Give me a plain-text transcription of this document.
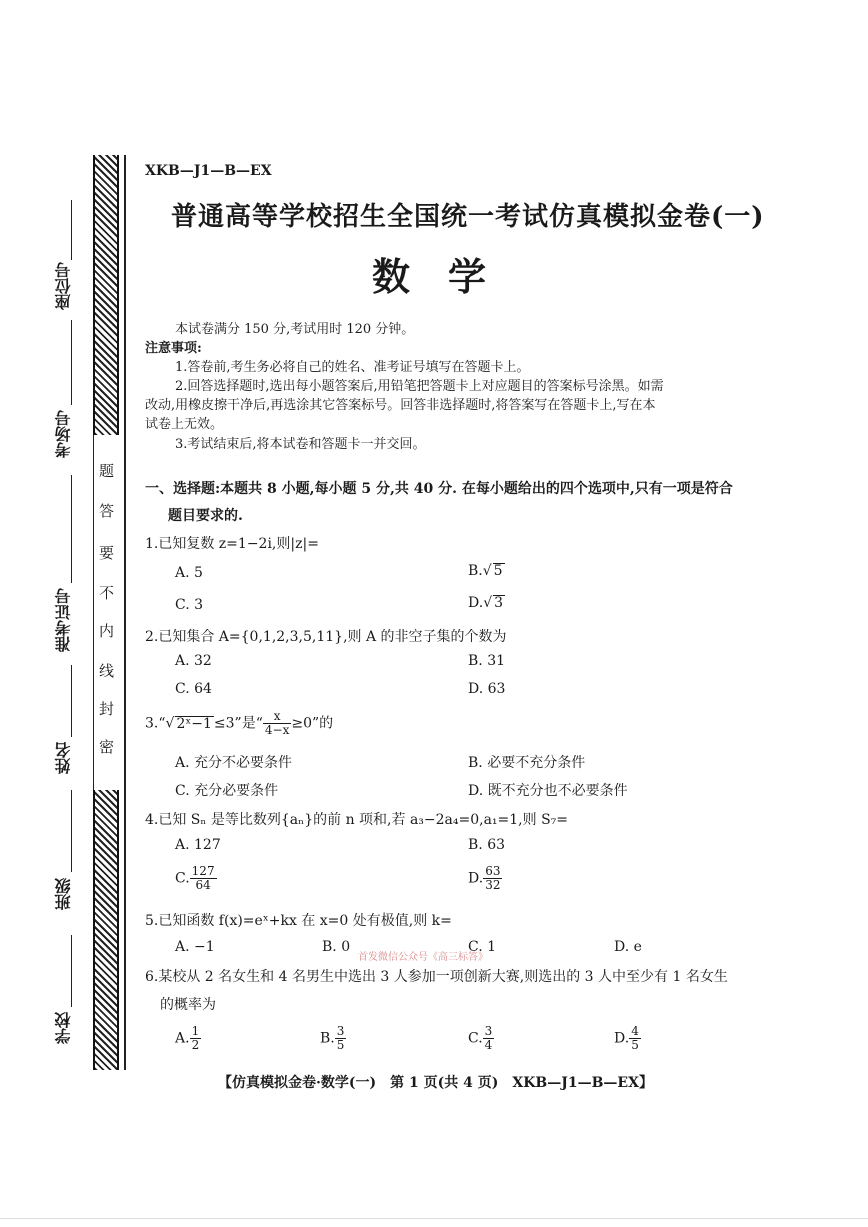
题
答
要
不
内
线
封
密
座位号
考场号
准考证号
姓名
班级
学校
XKB—J1—B—EX
普通高等学校招生全国统一考试仿真模拟金卷(一)
数　学
本试卷满分 150 分,考试用时 120 分钟。
注意事项:
1.答卷前,考生务必将自己的姓名、准考证号填写在答题卡上。
2.回答选择题时,选出每小题答案后,用铅笔把答题卡上对应题目的答案标号涂黑。如需
改动,用橡皮擦干净后,再选涂其它答案标号。回答非选择题时,将答案写在答题卡上,写在本
试卷上无效。
3.考试结束后,将本试卷和答题卡一并交回。
一、选择题:本题共 8 小题,每小题 5 分,共 40 分. 在每小题给出的四个选项中,只有一项是符合
题目要求的.
1.已知复数 z=1−2i,则|z|=
A. 5	B.√ 5
C. 3	D.√ 3
2.已知集合 A={0,1,2,3,5,11},则 A 的非空子集的个数为
A. 32	B. 31
C. 64	D. 63
3.“√ 2ˣ−1 ≤3”是“ $\frac{x}{4-x} \ge 0$”的
A. 充分不必要条件	B. 必要不充分条件
C. 充分必要条件	D. 既不充分也不必要条件
4.已知 Sₙ 是等比数列{aₙ}的前 n 项和,若 a₃−2a₄=0,a₁=1,则 S₇=
A. 127	B. 63
C. $\frac{127}{64}$	D. $\frac{63}{32}$
5.已知函数 f(x)=eˣ+kx 在 x=0 处有极值,则 k=
A. −1	B. 0	C. 1	D. e
首发微信公众号《高三标答》
6.某校从 2 名女生和 4 名男生中选出 3 人参加一项创新大赛,则选出的 3 人中至少有 1 名女生
的概率为
A. $\frac{1}{2}$	B. $\frac{3}{5}$	C. $\frac{3}{4}$	D. $\frac{4}{5}$
【仿真模拟金卷·数学(一)　第 1 页(共 4 页)　XKB—J1—B—EX】
